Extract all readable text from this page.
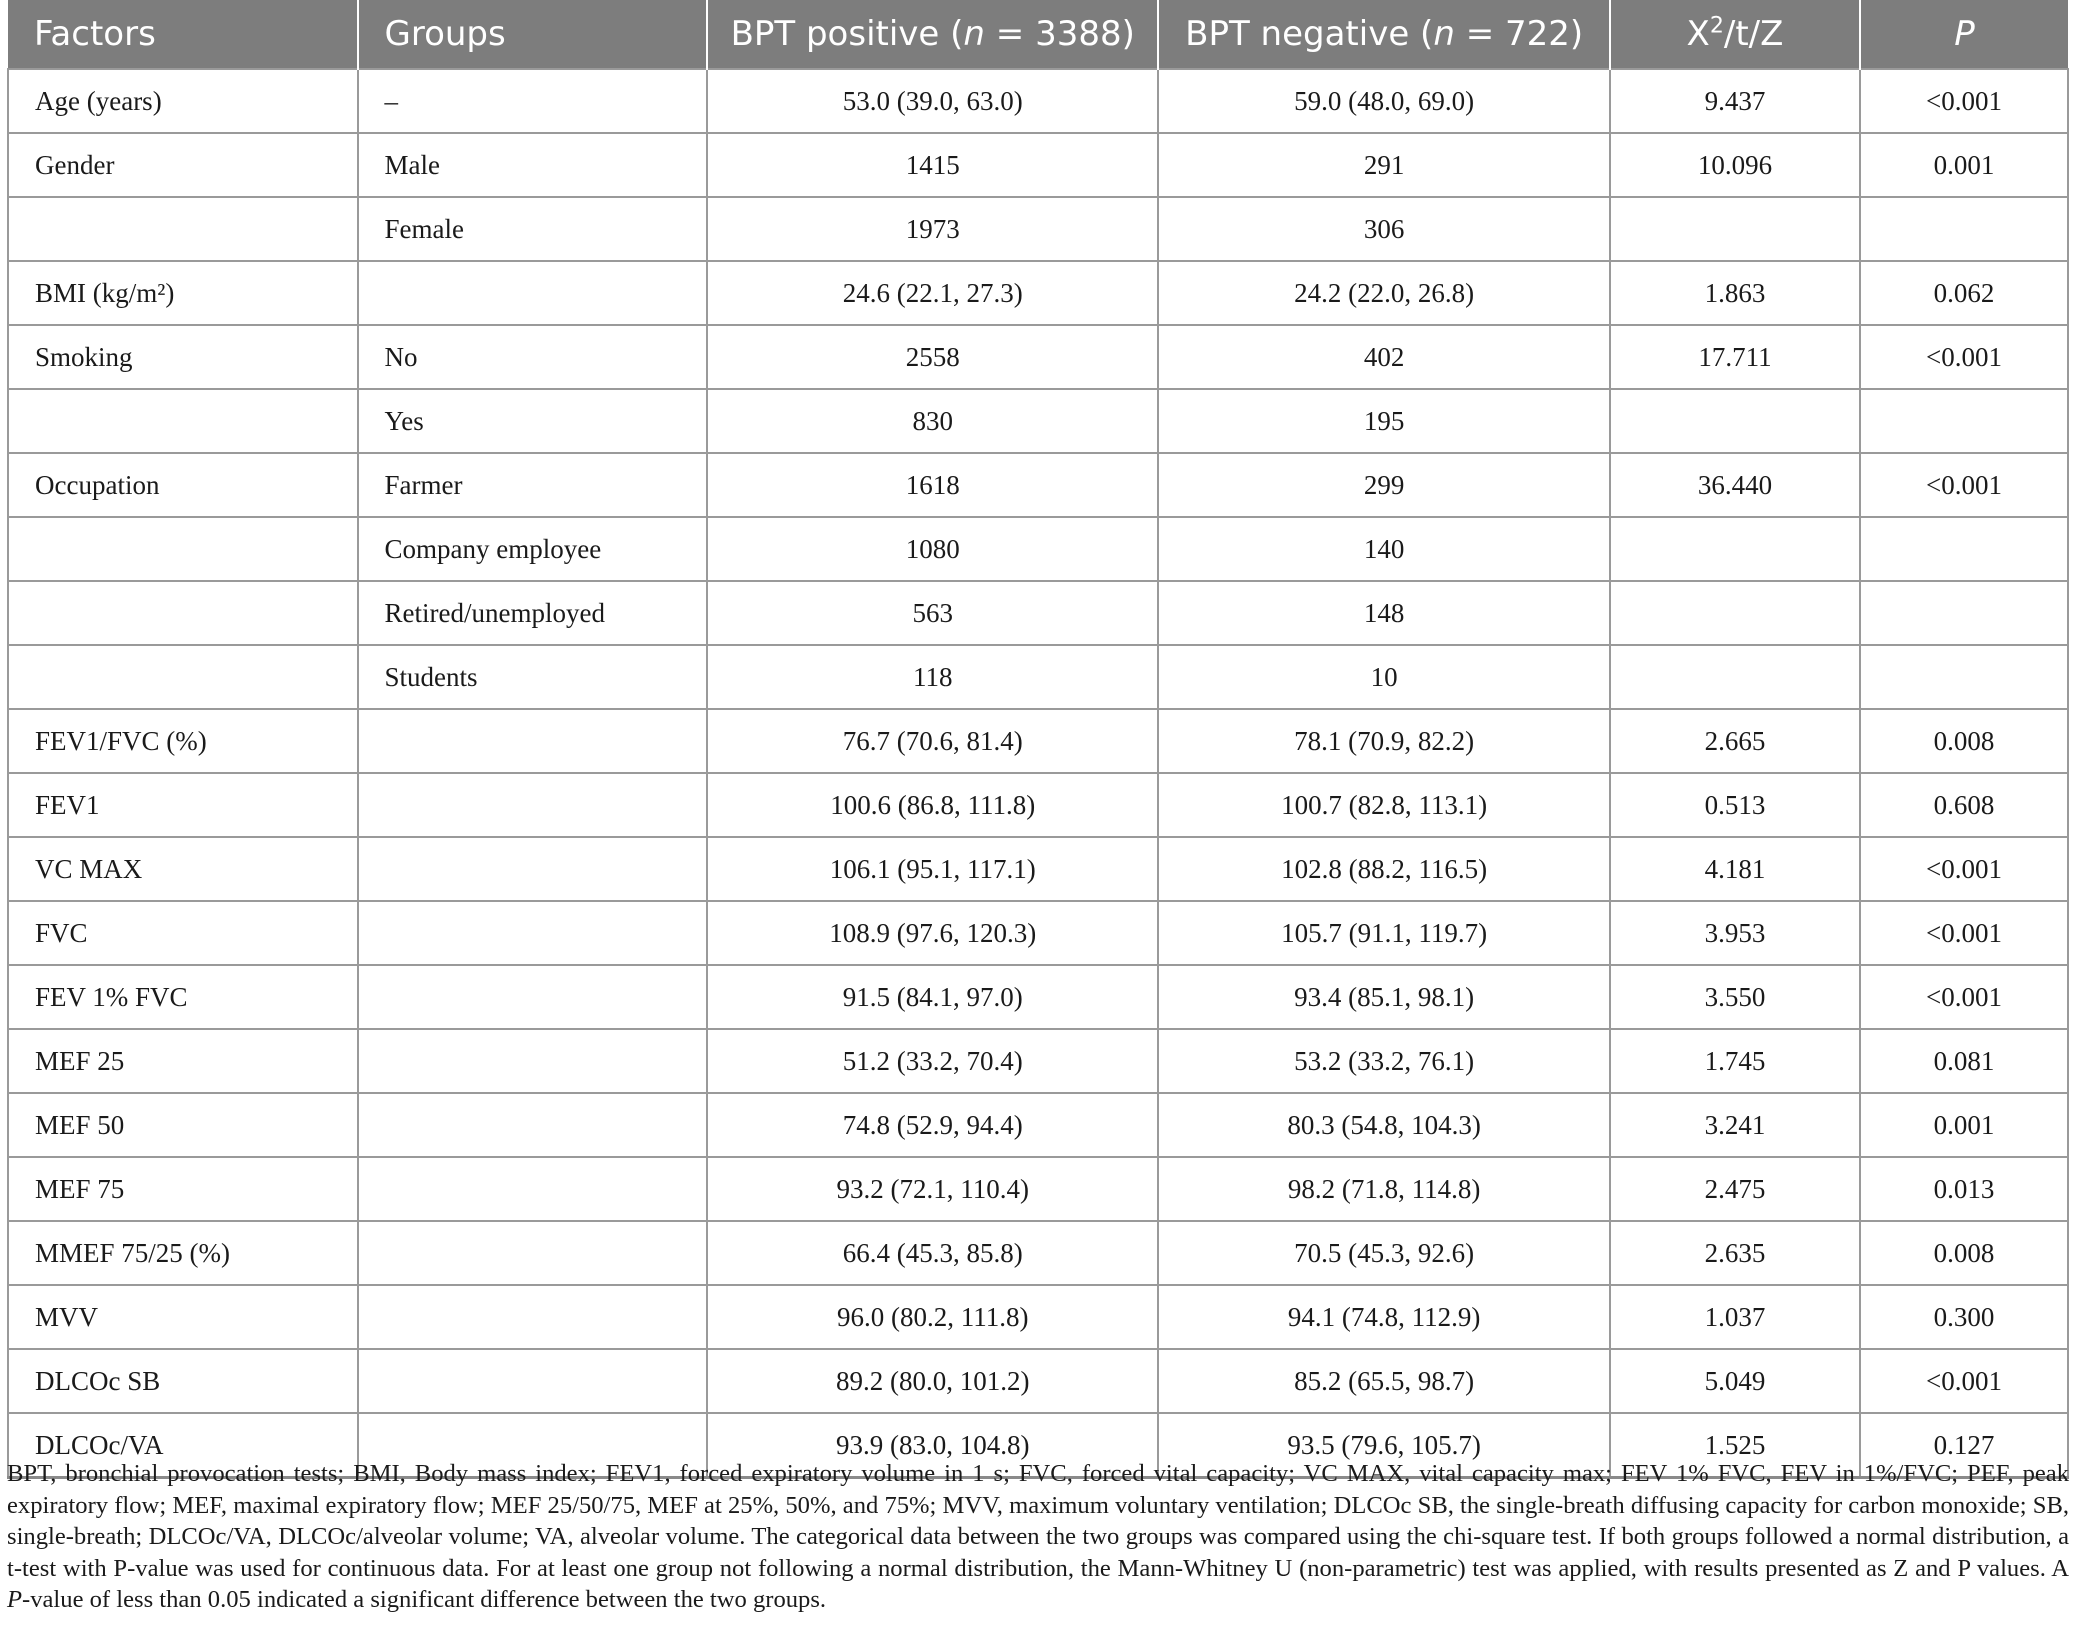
Factors	Groups	BPT positive (n = 3388)	BPT negative (n = 722)	$X^2/t/Z$	P
Age (years)	–	53.0 (39.0, 63.0)	59.0 (48.0, 69.0)	9.437	<0.001
Gender	Male	1415	291	10.096	0.001
	Female	1973	306		
BMI (kg/m²)		24.6 (22.1, 27.3)	24.2 (22.0, 26.8)	1.863	0.062
Smoking	No	2558	402	17.711	<0.001
	Yes	830	195		
Occupation	Farmer	1618	299	36.440	<0.001
	Company employee	1080	140		
	Retired/unemployed	563	148		
	Students	118	10		
FEV1/FVC (%)		76.7 (70.6, 81.4)	78.1 (70.9, 82.2)	2.665	0.008
FEV1		100.6 (86.8, 111.8)	100.7 (82.8, 113.1)	0.513	0.608
VC MAX		106.1 (95.1, 117.1)	102.8 (88.2, 116.5)	4.181	<0.001
FVC		108.9 (97.6, 120.3)	105.7 (91.1, 119.7)	3.953	<0.001
FEV 1% FVC		91.5 (84.1, 97.0)	93.4 (85.1, 98.1)	3.550	<0.001
MEF 25		51.2 (33.2, 70.4)	53.2 (33.2, 76.1)	1.745	0.081
MEF 50		74.8 (52.9, 94.4)	80.3 (54.8, 104.3)	3.241	0.001
MEF 75		93.2 (72.1, 110.4)	98.2 (71.8, 114.8)	2.475	0.013
MMEF 75/25 (%)		66.4 (45.3, 85.8)	70.5 (45.3, 92.6)	2.635	0.008
MVV		96.0 (80.2, 111.8)	94.1 (74.8, 112.9)	1.037	0.300
DLCOc SB		89.2 (80.0, 101.2)	85.2 (65.5, 98.7)	5.049	<0.001
DLCOc/VA		93.9 (83.0, 104.8)	93.5 (79.6, 105.7)	1.525	0.127

BPT, bronchial provocation tests; BMI, Body mass index; FEV1, forced expiratory volume in 1 s; FVC, forced vital capacity; VC MAX, vital capacity max; FEV 1% FVC, FEV in 1%/FVC; PEF, peak expiratory flow; MEF, maximal expiratory flow; MEF 25/50/75, MEF at 25%, 50%, and 75%; MVV, maximum voluntary ventilation; DLCOc SB, the single-breath diffusing capacity for carbon monoxide; SB, single-breath; DLCOc/VA, DLCOc/alveolar volume; VA, alveolar volume. The categorical data between the two groups was compared using the chi-square test. If both groups followed a normal distribution, a t-test with P-value was used for continuous data. For at least one group not following a normal distribution, the Mann-Whitney U (non-parametric) test was applied, with results presented as Z and P values. A P-value of less than 0.05 indicated a significant difference between the two groups.
